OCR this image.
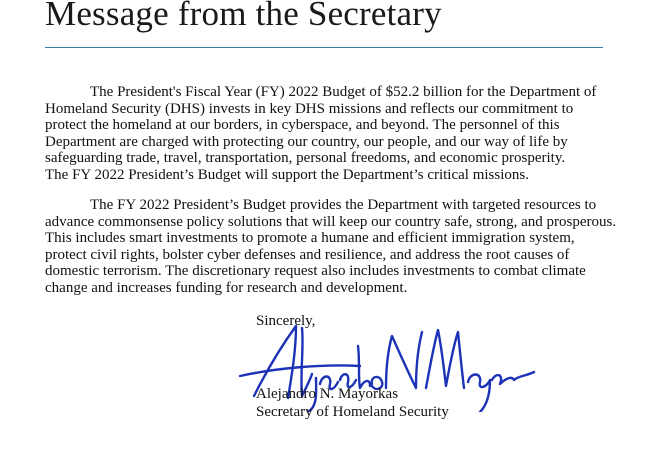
Message from the Secretary

The President's Fiscal Year (FY) 2022 Budget of $52.2 billion for the Department of
Homeland Security (DHS) invests in key DHS missions and reflects our commitment to
protect the homeland at our borders, in cyberspace, and beyond. The personnel of this
Department are charged with protecting our country, our people, and our way of life by
safeguarding trade, travel, transportation, personal freedoms, and economic prosperity.
The FY 2022 President’s Budget will support the Department’s critical missions.

The FY 2022 President’s Budget provides the Department with targeted resources to
advance commonsense policy solutions that will keep our country safe, strong, and prosperous.
This includes smart investments to promote a humane and efficient immigration system,
protect civil rights, bolster cyber defenses and resilience, and address the root causes of
domestic terrorism. The discretionary request also includes investments to combat climate
change and increases funding for research and development.

Sincerely,
Alejandro N. Mayorkas
Secretary of Homeland Security
